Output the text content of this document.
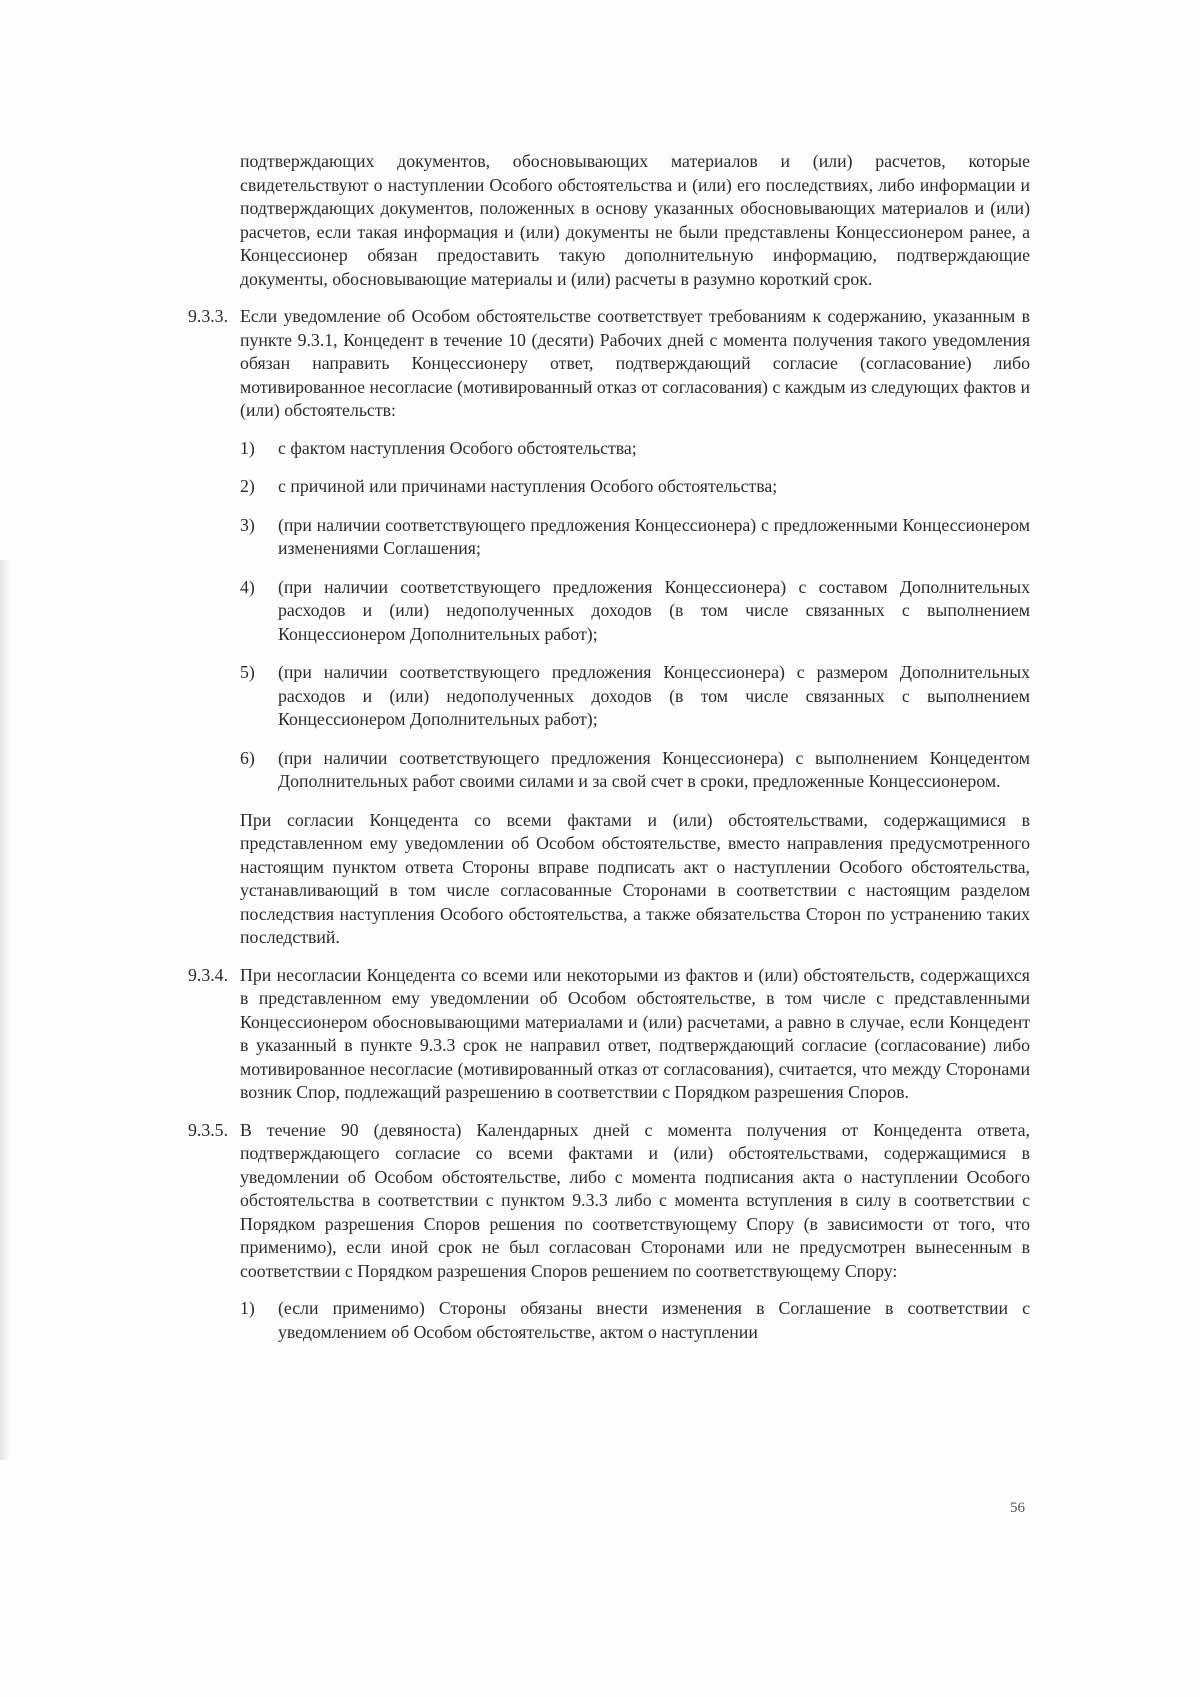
подтверждающих документов, обосновывающих материалов и (или) расчетов, которые свидетельствуют о наступлении Особого обстоятельства и (или) его последствиях, либо информации и подтверждающих документов, положенных в основу указанных обосновывающих материалов и (или) расчетов, если такая информация и (или) документы не были представлены Концессионером ранее, а Концессионер обязан предоставить такую дополнительную информацию, подтверждающие документы, обосновывающие материалы и (или) расчеты в разумно короткий срок.

9.3.3. Если уведомление об Особом обстоятельстве соответствует требованиям к содержанию, указанным в пункте 9.3.1, Концедент в течение 10 (десяти) Рабочих дней с момента получения такого уведомления обязан направить Концессионеру ответ, подтверждающий согласие (согласование) либо мотивированное несогласие (мотивированный отказ от согласования) с каждым из следующих фактов и (или) обстоятельств:

1)	с фактом наступления Особого обстоятельства;

2)	с причиной или причинами наступления Особого обстоятельства;

3)	(при наличии соответствующего предложения Концессионера) с предложенными Концессионером изменениями Соглашения;

4)	(при наличии соответствующего предложения Концессионера) с составом Дополнительных расходов и (или) недополученных доходов (в том числе связанных с выполнением Концессионером Дополнительных работ);

5)	(при наличии соответствующего предложения Концессионера) с размером Дополнительных расходов и (или) недополученных доходов (в том числе связанных с выполнением Концессионером Дополнительных работ);

6)	(при наличии соответствующего предложения Концессионера) с выполнением Концедентом Дополнительных работ своими силами и за свой счет в сроки, предложенные Концессионером.

При согласии Концедента со всеми фактами и (или) обстоятельствами, содержащимися в представленном ему уведомлении об Особом обстоятельстве, вместо направления предусмотренного настоящим пунктом ответа Стороны вправе подписать акт о наступлении Особого обстоятельства, устанавливающий в том числе согласованные Сторонами в соответствии с настоящим разделом последствия наступления Особого обстоятельства, а также обязательства Сторон по устранению таких последствий.

9.3.4. При несогласии Концедента со всеми или некоторыми из фактов и (или) обстоятельств, содержащихся в представленном ему уведомлении об Особом обстоятельстве, в том числе с представленными Концессионером обосновывающими материалами и (или) расчетами, а равно в случае, если Концедент в указанный в пункте 9.3.3 срок не направил ответ, подтверждающий согласие (согласование) либо мотивированное несогласие (мотивированный отказ от согласования), считается, что между Сторонами возник Спор, подлежащий разрешению в соответствии с Порядком разрешения Споров.

9.3.5. В течение 90 (девяноста) Календарных дней с момента получения от Концедента ответа, подтверждающего согласие со всеми фактами и (или) обстоятельствами, содержащимися в уведомлении об Особом обстоятельстве, либо с момента подписания акта о наступлении Особого обстоятельства в соответствии с пунктом 9.3.3 либо с момента вступления в силу в соответствии с Порядком разрешения Споров решения по соответствующему Спору (в зависимости от того, что применимо), если иной срок не был согласован Сторонами или не предусмотрен вынесенным в соответствии с Порядком разрешения Споров решением по соответствующему Спору:

1)	(если применимо) Стороны обязаны внести изменения в Соглашение в соответствии с уведомлением об Особом обстоятельстве, актом о наступлении

56
